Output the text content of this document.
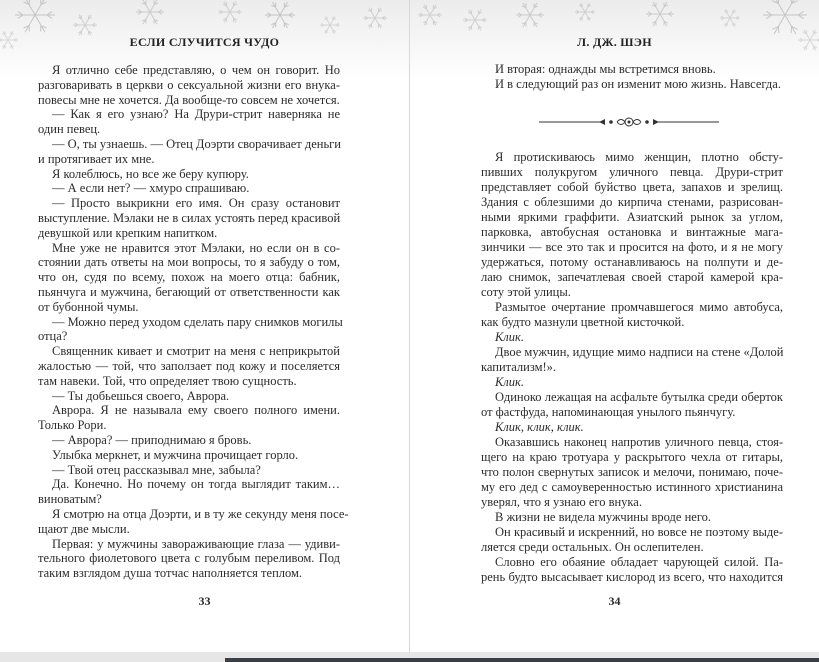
ЕСЛИ СЛУЧИТСЯ ЧУДО
Я отлично себе представляю, о чем он говорит. Но
разговаривать в церкви о сексуальной жизни его внука-
повесы мне не хочется. Да вообще-то совсем не хочется.
— Как я его узнаю? На Друри-стрит наверняка не
один певец.
— О, ты узнаешь. — Отец Доэрти сворачивает деньги
и протягивает их мне.
Я колеблюсь, но все же беру купюру.
— А если нет? — хмуро спрашиваю.
— Просто выкрикни его имя. Он сразу остановит
выступление. Мэлаки не в силах устоять перед красивой
девушкой или крепким напитком.
Мне уже не нравится этот Мэлаки, но если он в со-
стоянии дать ответы на мои вопросы, то я забуду о том,
что он, судя по всему, похож на моего отца: бабник,
пьянчуга и мужчина, бегающий от ответственности как
от бубонной чумы.
— Можно перед уходом сделать пару снимков могилы
отца?
Священник кивает и смотрит на меня с неприкрытой
жалостью — той, что заползает под кожу и поселяется
там навеки. Той, что определяет твою сущность.
— Ты добьешься своего, Аврора.
Аврора. Я не называла ему своего полного имени.
Только Рори.
— Аврора? — приподнимаю я бровь.
Улыбка меркнет, и мужчина прочищает горло.
— Твой отец рассказывал мне, забыла?
Да. Конечно. Но почему он тогда выглядит таким…
виноватым?
Я смотрю на отца Доэрти, и в ту же секунду меня посе-
щают две мысли.
Первая: у мужчины завораживающие глаза — удиви-
тельного фиолетового цвета с голубым переливом. Под
таким взглядом душа тотчас наполняется теплом.
33
Л. ДЖ. ШЭН
И вторая: однажды мы встретимся вновь.
И в следующий раз он изменит мою жизнь. Навсегда.
Я протискиваюсь мимо женщин, плотно обсту-
пивших полукругом уличного певца. Друри-стрит
представляет собой буйство цвета, запахов и зрелищ.
Здания с облезшими до кирпича стенами, разрисован-
ными яркими граффити. Азиатский рынок за углом,
парковка, автобусная остановка и винтажные мага-
зинчики — все это так и просится на фото, и я не могу
удержаться, потому останавливаюсь на полпути и де-
лаю снимок, запечатлевая своей старой камерой кра-
соту этой улицы.
Размытое очертание промчавшегося мимо автобуса,
как будто мазнули цветной кисточкой.
Клик.
Двое мужчин, идущие мимо надписи на стене «Долой
капитализм!».
Клик.
Одиноко лежащая на асфальте бутылка среди оберток
от фастфуда, напоминающая унылого пьянчугу.
Клик, клик, клик.
Оказавшись наконец напротив уличного певца, стоя-
щего на краю тротуара у раскрытого чехла от гитары,
что полон свернутых записок и мелочи, понимаю, поче-
му его дед с самоуверенностью истинного христианина
уверял, что я узнаю его внука.
В жизни не видела мужчины вроде него.
Он красивый и искренний, но вовсе не поэтому выде-
ляется среди остальных. Он ослепителен.
Словно его обаяние обладает чарующей силой. Па-
рень будто высасывает кислород из всего, что находится
34
